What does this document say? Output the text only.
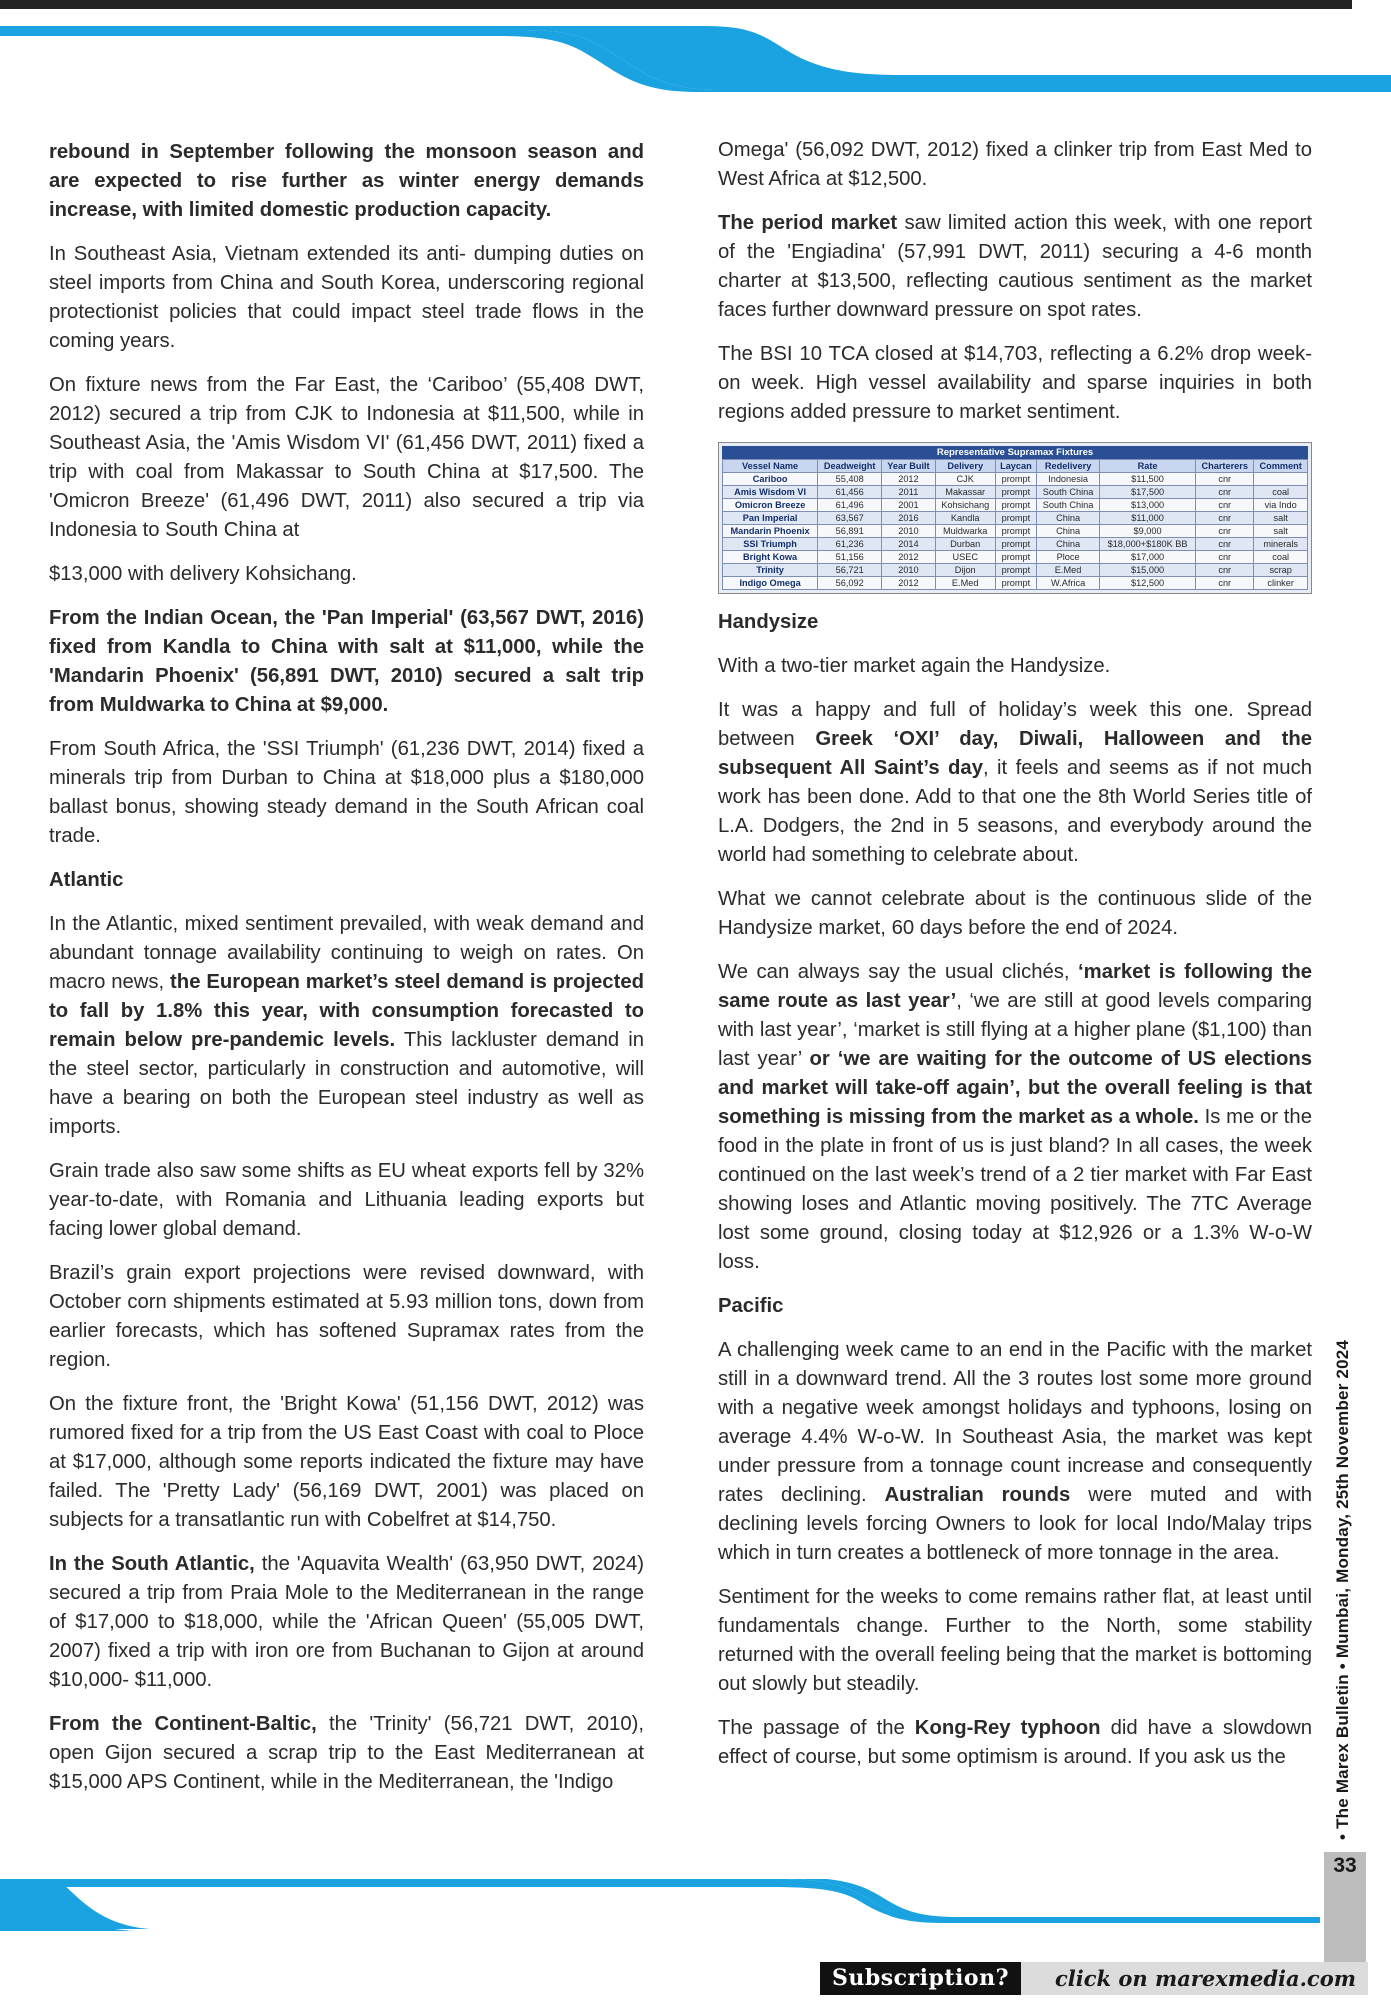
rebound in September following the monsoon season and are expected to rise further as winter energy demands increase, with limited domestic production capacity.

In Southeast Asia, Vietnam extended its anti- dumping duties on steel imports from China and South Korea, underscoring regional protectionist policies that could impact steel trade flows in the coming years.

On fixture news from the Far East, the ‘Cariboo’ (55,408 DWT, 2012) secured a trip from CJK to Indonesia at $11,500, while in Southeast Asia, the 'Amis Wisdom VI' (61,456 DWT, 2011) fixed a trip with coal from Makassar to South China at $17,500. The 'Omicron Breeze' (61,496 DWT, 2011) also secured a trip via Indonesia to South China at

$13,000 with delivery Kohsichang.

From the Indian Ocean, the 'Pan Imperial' (63,567 DWT, 2016) fixed from Kandla to China with salt at $11,000, while the 'Mandarin Phoenix' (56,891 DWT, 2010) secured a salt trip from Muldwarka to China at $9,000.

From South Africa, the 'SSI Triumph' (61,236 DWT, 2014) fixed a minerals trip from Durban to China at $18,000 plus a $180,000 ballast bonus, showing steady demand in the South African coal trade.

Atlantic

In the Atlantic, mixed sentiment prevailed, with weak demand and abundant tonnage availability continuing to weigh on rates. On macro news, the European market’s steel demand is projected to fall by 1.8% this year, with consumption forecasted to remain below pre-pandemic levels. This lackluster demand in the steel sector, particularly in construction and automotive, will have a bearing on both the European steel industry as well as imports.

Grain trade also saw some shifts as EU wheat exports fell by 32% year-to-date, with Romania and Lithuania leading exports but facing lower global demand.

Brazil’s grain export projections were revised downward, with October corn shipments estimated at 5.93 million tons, down from earlier forecasts, which has softened Supramax rates from the region.

On the fixture front, the 'Bright Kowa' (51,156 DWT, 2012) was rumored fixed for a trip from the US East Coast with coal to Ploce at $17,000, although some reports indicated the fixture may have failed. The 'Pretty Lady' (56,169 DWT, 2001) was placed on subjects for a transatlantic run with Cobelfret at $14,750.

In the South Atlantic, the 'Aquavita Wealth' (63,950 DWT, 2024) secured a trip from Praia Mole to the Mediterranean in the range of $17,000 to $18,000, while the 'African Queen' (55,005 DWT, 2007) fixed a trip with iron ore from Buchanan to Gijon at around $10,000- $11,000.

From the Continent-Baltic, the 'Trinity' (56,721 DWT, 2010), open Gijon secured a scrap trip to the East Mediterranean at $15,000 APS Continent, while in the Mediterranean, the 'Indigo

Omega' (56,092 DWT, 2012) fixed a clinker trip from East Med to West Africa at $12,500.

The period market saw limited action this week, with one report of the 'Engiadina' (57,991 DWT, 2011) securing a 4-6 month charter at $13,500, reflecting cautious sentiment as the market faces further downward pressure on spot rates.

The BSI 10 TCA closed at $14,703, reflecting a 6.2% drop week-on week. High vessel availability and sparse inquiries in both regions added pressure to market sentiment.

Representative Supramax Fixtures
Vessel Name	Deadweight	Year Built	Delivery	Laycan	Redelivery	Rate	Charterers	Comment
Cariboo	55,408	2012	CJK	prompt	Indonesia	$11,500	cnr	
Amis Wisdom VI	61,456	2011	Makassar	prompt	South China	$17,500	cnr	coal
Omicron Breeze	61,496	2001	Kohsichang	prompt	South China	$13,000	cnr	via Indo
Pan Imperial	63,567	2016	Kandla	prompt	China	$11,000	cnr	salt
Mandarin Phoenix	56,891	2010	Muldwarka	prompt	China	$9,000	cnr	salt
SSI Triumph	61,236	2014	Durban	prompt	China	$18,000+$180K BB	cnr	minerals
Bright Kowa	51,156	2012	USEC	prompt	Ploce	$17,000	cnr	coal
Trinity	56,721	2010	Dijon	prompt	E.Med	$15,000	cnr	scrap
Indigo Omega	56,092	2012	E.Med	prompt	W.Africa	$12,500	cnr	clinker
Handysize

With a two-tier market again the Handysize.

It was a happy and full of holiday’s week this one. Spread between Greek ‘OXI’ day, Diwali, Halloween and the subsequent All Saint’s day, it feels and seems as if not much work has been done. Add to that one the 8th World Series title of L.A. Dodgers, the 2nd in 5 seasons, and everybody around the world had something to celebrate about.

What we cannot celebrate about is the continuous slide of the Handysize market, 60 days before the end of 2024.

We can always say the usual clichés, ‘market is following the same route as last year’, ‘we are still at good levels comparing with last year’, ‘market is still flying at a higher plane ($1,100) than last year’ or ‘we are waiting for the outcome of US elections and market will take-off again’, but the overall feeling is that something is missing from the market as a whole. Is me or the food in the plate in front of us is just bland? In all cases, the week continued on the last week’s trend of a 2 tier market with Far East showing loses and Atlantic moving positively. The 7TC Average lost some ground, closing today at $12,926 or a 1.3% W-o-W loss.

Pacific

A challenging week came to an end in the Pacific with the market still in a downward trend. All the 3 routes lost some more ground with a negative week amongst holidays and typhoons, losing on average 4.4% W-o-W. In Southeast Asia, the market was kept under pressure from a tonnage count increase and consequently rates declining. Australian rounds were muted and with declining levels forcing Owners to look for local Indo/Malay trips which in turn creates a bottleneck of more tonnage in the area.

Sentiment for the weeks to come remains rather flat, at least until fundamentals change. Further to the North, some stability returned with the overall feeling being that the market is bottoming out slowly but steadily.

The passage of the Kong-Rey typhoon did have a slowdown effect of course, but some optimism is around. If you ask us the	• The Marex Bulletin • Mumbai, Monday, 25th November 2024
33
Subscription?	click on marexmedia.com
